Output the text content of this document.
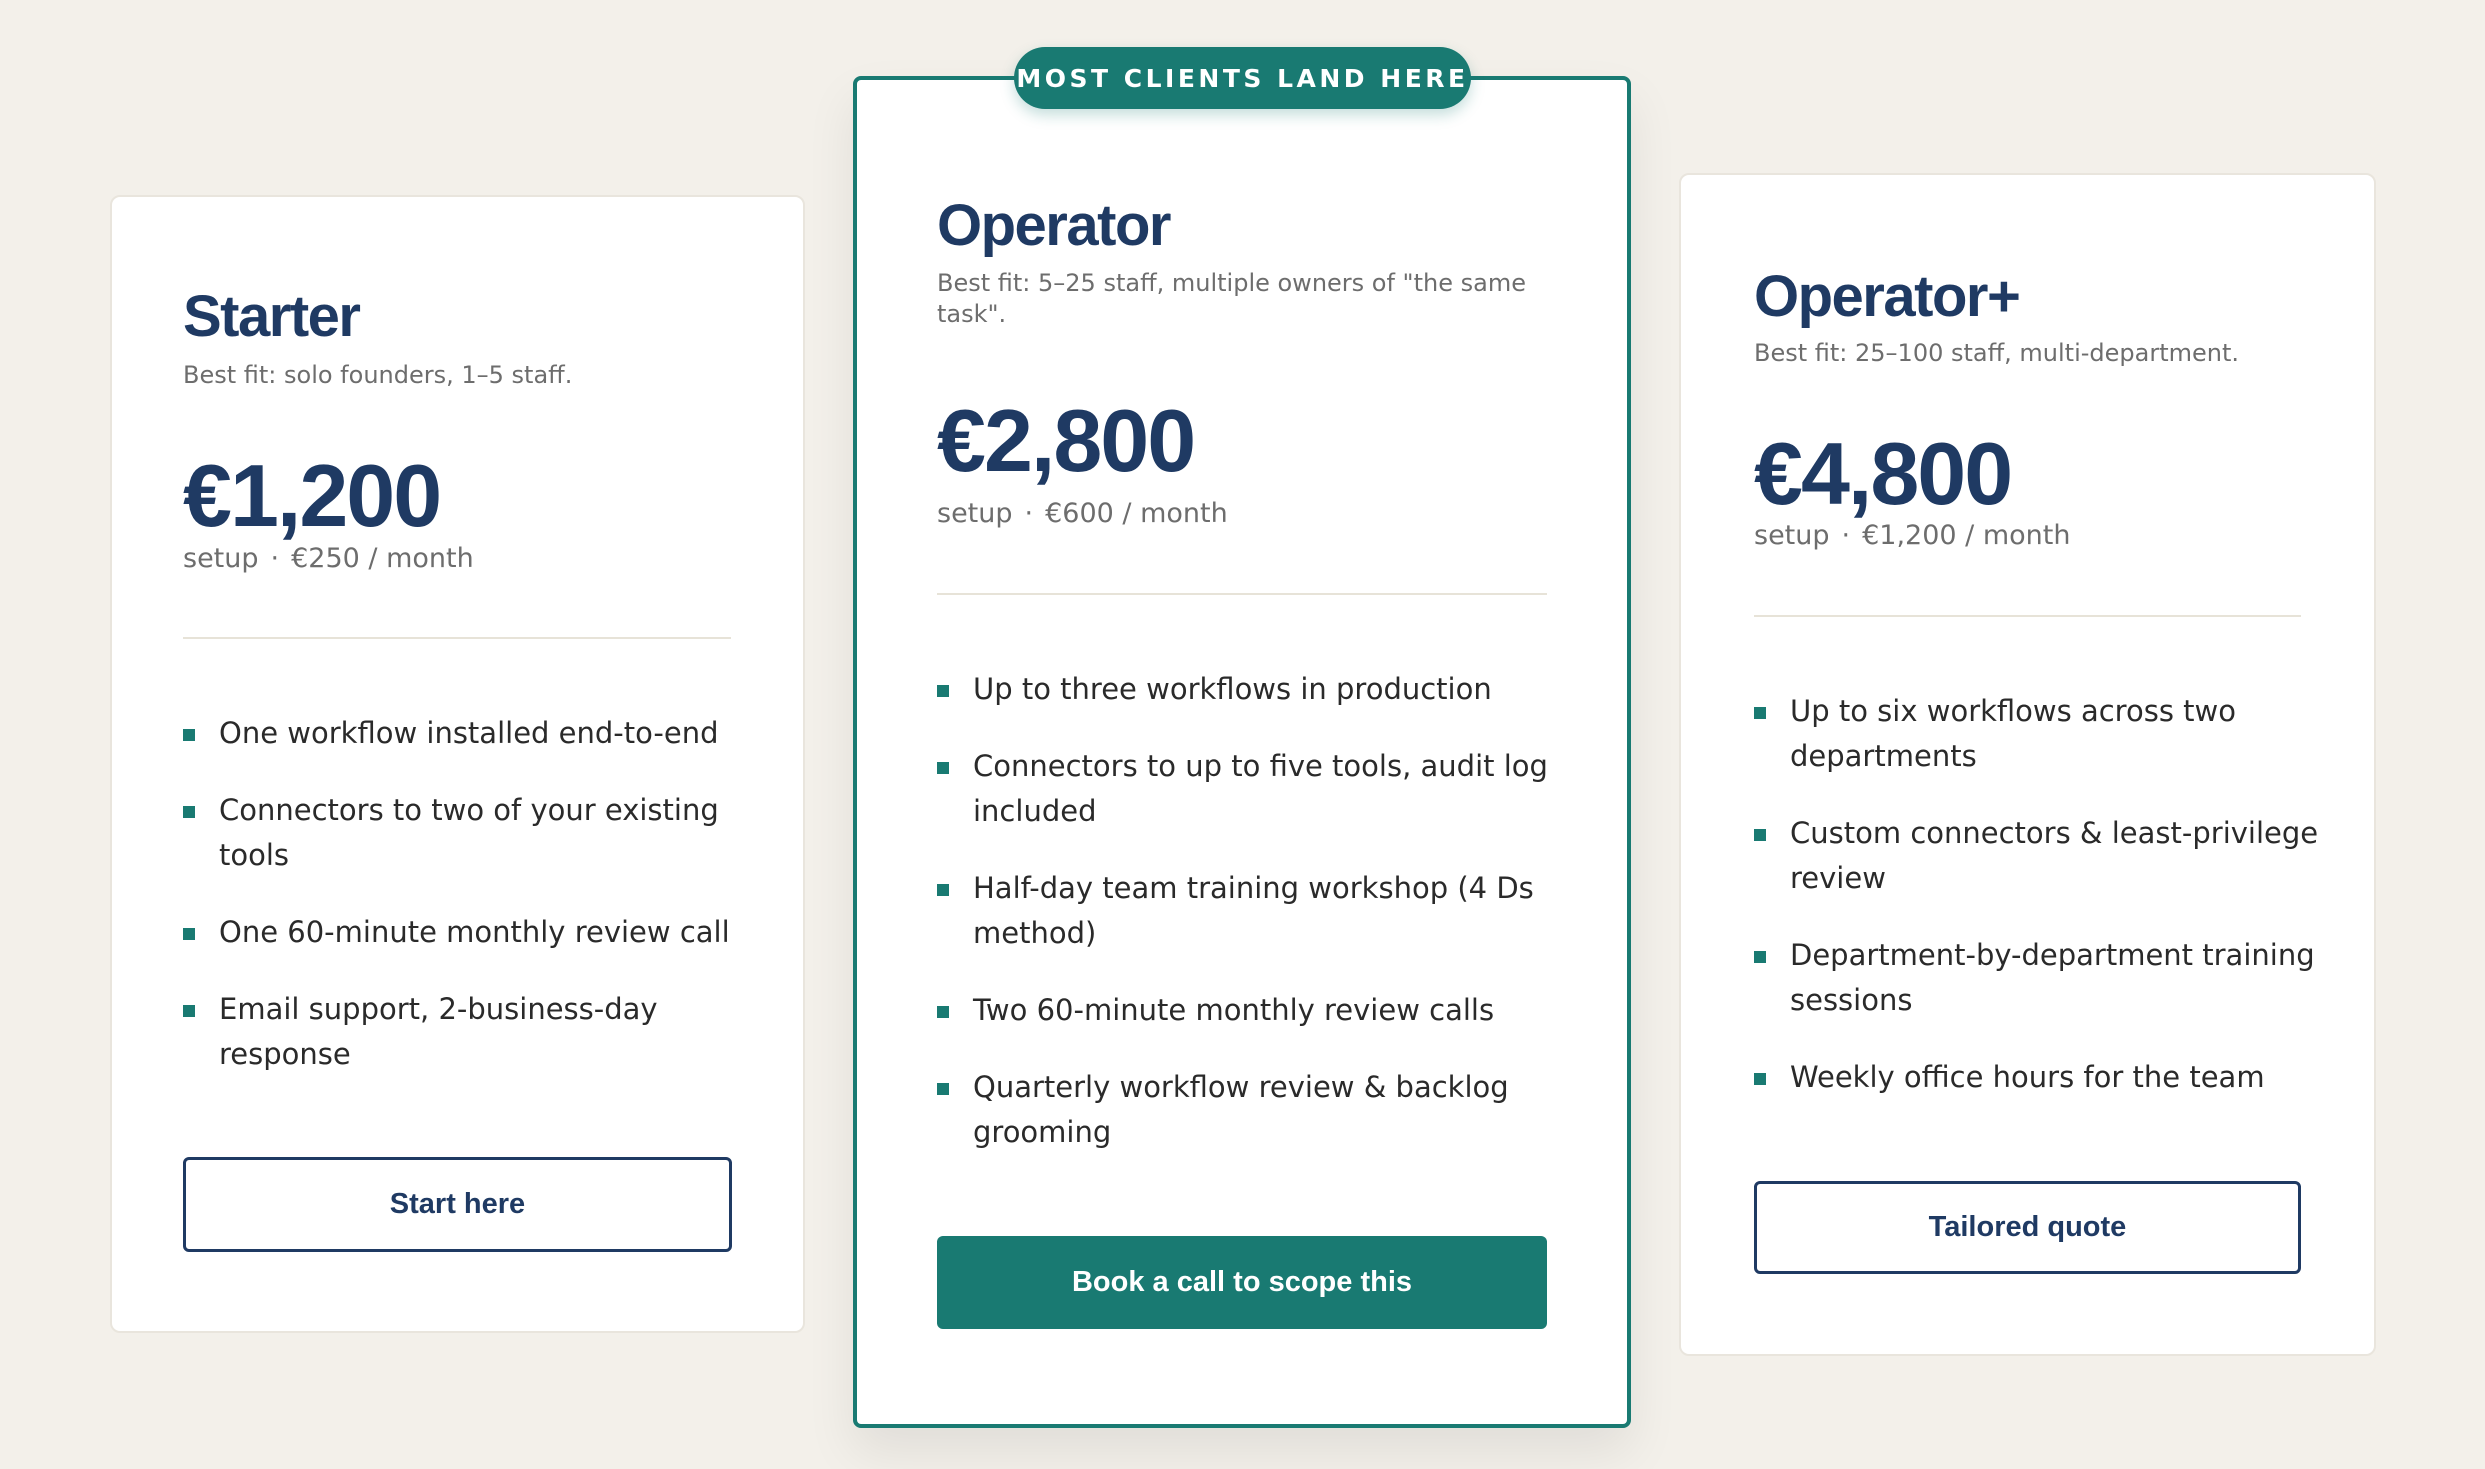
Starter

Best fit: solo founders, 1–5 staff.

€1,200

setup · €250 / month

One workflow installed end-to-end
Connectors to two of your existing tools
One 60-minute monthly review call
Email support, 2-business-day response
Start here
MOST CLIENTS LAND HERE
Operator

Best fit: 5–25 staff, multiple owners of "the same task".

€2,800

setup · €600 / month

Up to three workflows in production
Connectors to up to five tools, audit log included
Half-day team training workshop (4 Ds method)
Two 60-minute monthly review calls
Quarterly workflow review & backlog grooming
Book a call to scope this
Operator+

Best fit: 25–100 staff, multi-department.

€4,800

setup · €1,200 / month

Up to six workflows across two departments
Custom connectors & least-privilege review
Department-by-department training sessions
Weekly office hours for the team
Tailored quote
